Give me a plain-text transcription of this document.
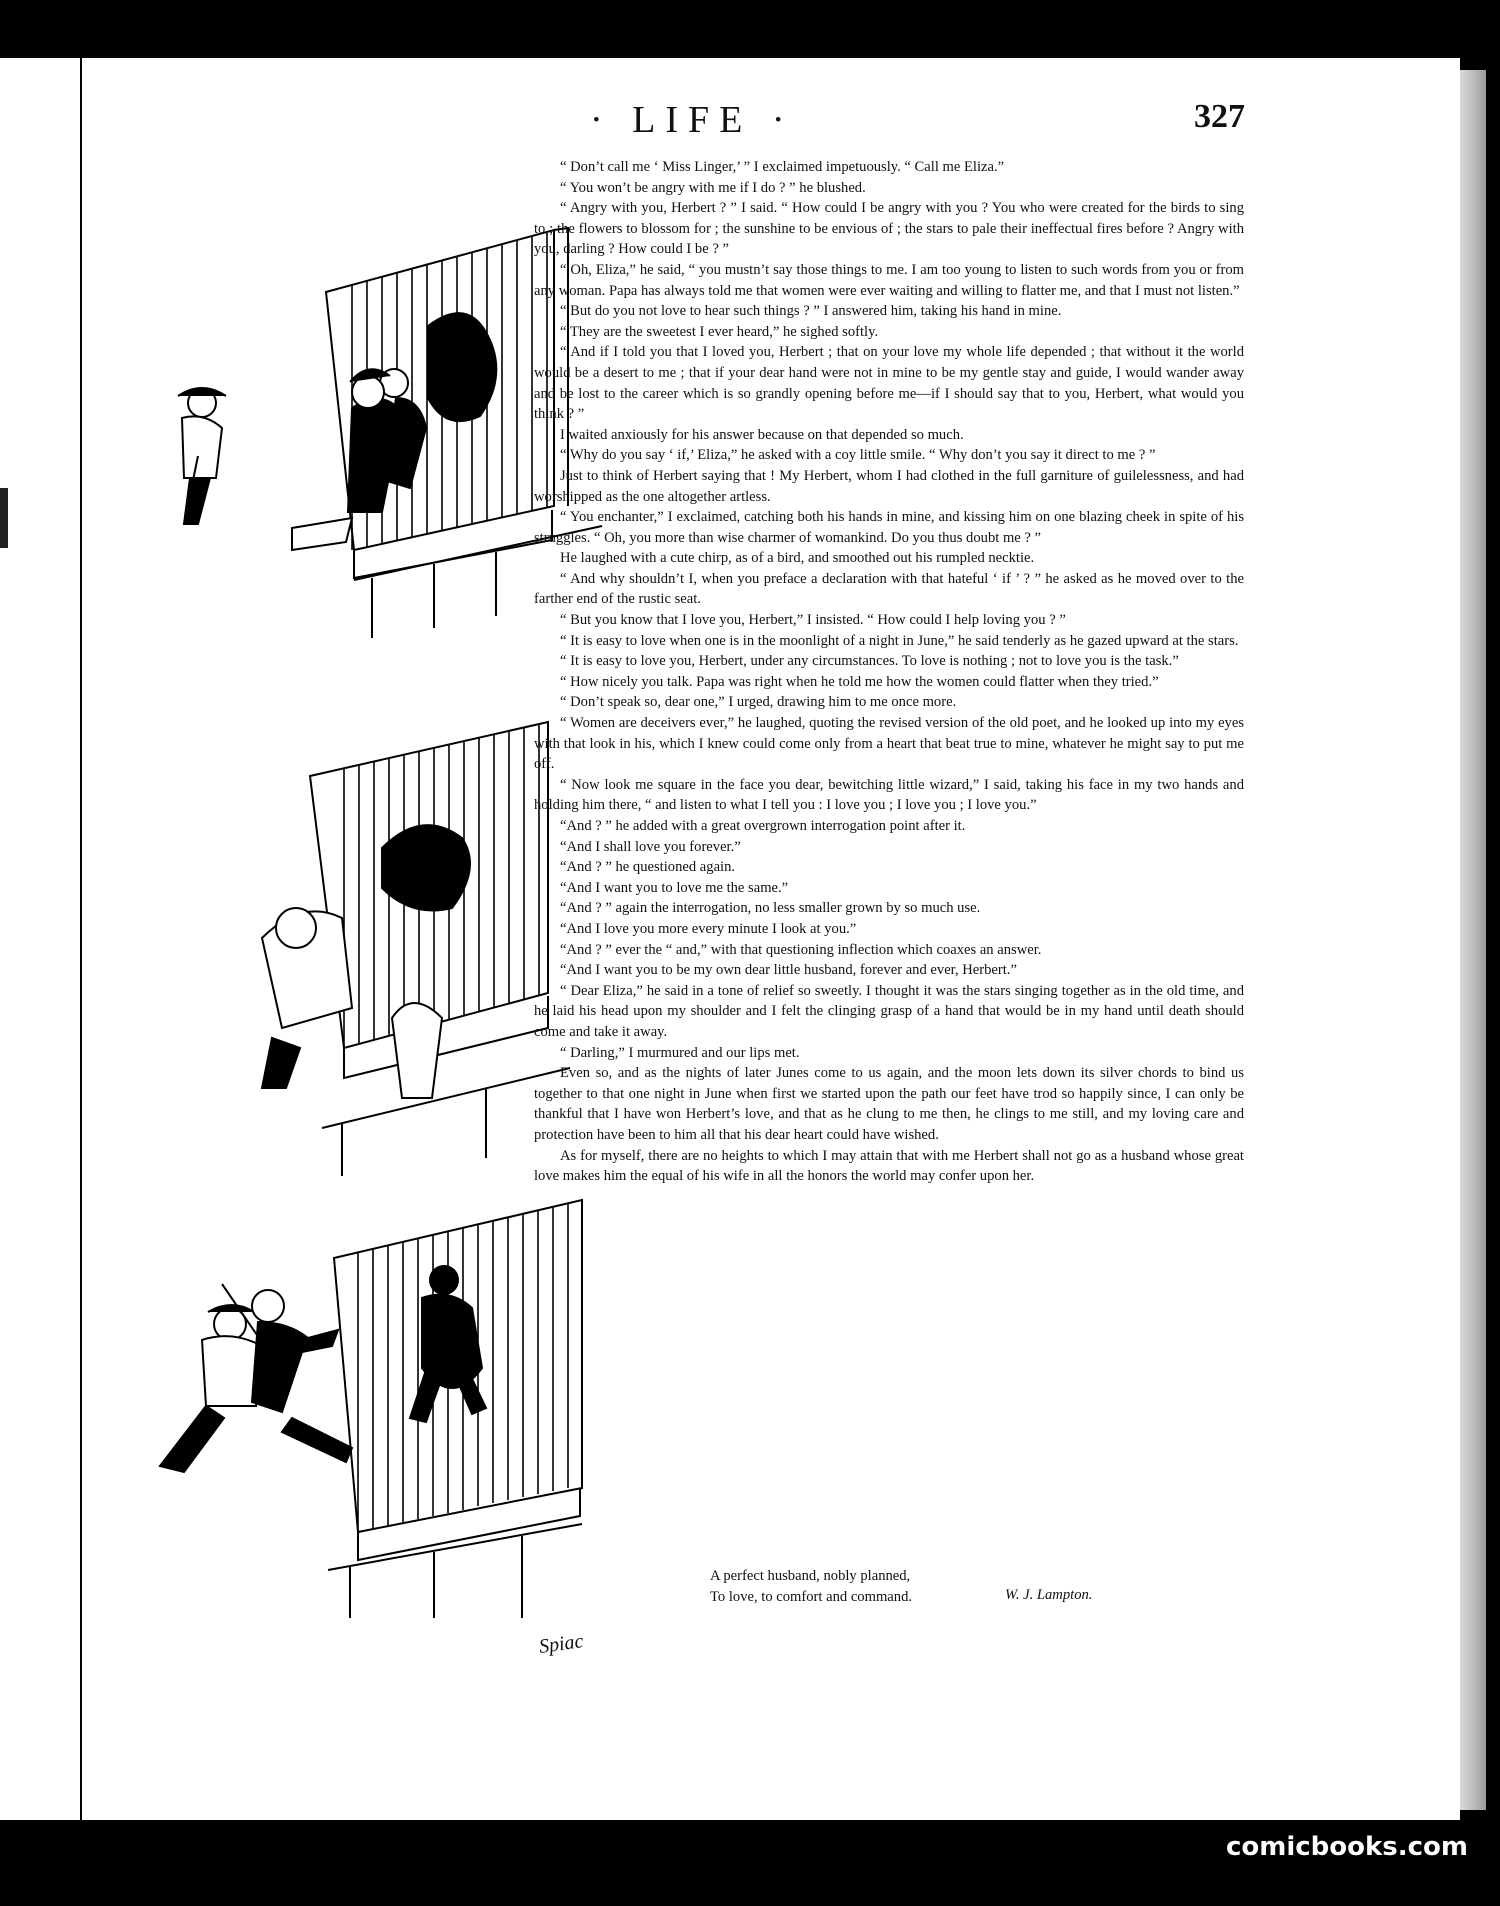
Spiac
· LIFE ·	327

“ Don’t call me ‘ Miss Linger,’ ” I exclaimed impetuously. “ Call me Eliza.”

“ You won’t be angry with me if I do ? ” he blushed.

“ Angry with you, Herbert ? ” I said. “ How could I be angry with you ? You who were created for the birds to sing to ; the flowers to blossom for ; the sunshine to be envious of ; the stars to pale their ineffectual fires before ? Angry with you, darling ? How could I be ? ”

“ Oh, Eliza,” he said, “ you mustn’t say those things to me. I am too young to listen to such words from you or from any woman. Papa has always told me that women were ever waiting and willing to flatter me, and that I must not listen.”

“ But do you not love to hear such things ? ” I answered him, taking his hand in mine.

“ They are the sweetest I ever heard,” he sighed softly.

“ And if I told you that I loved you, Herbert ; that on your love my whole life depended ; that without it the world would be a desert to me ; that if your dear hand were not in mine to be my gentle stay and guide, I would wander away and be lost to the career which is so grandly opening before me—if I should say that to you, Herbert, what would you think ? ”

I waited anxiously for his answer because on that depended so much.

“ Why do you say ‘ if,’ Eliza,” he asked with a coy little smile. “ Why don’t you say it direct to me ? ”

Just to think of Herbert saying that ! My Herbert, whom I had clothed in the full garniture of guilelessness, and had worshipped as the one altogether artless.

“ You enchanter,” I exclaimed, catching both his hands in mine, and kissing him on one blazing cheek in spite of his struggles. “ Oh, you more than wise charmer of womankind. Do you thus doubt me ? ”

He laughed with a cute chirp, as of a bird, and smoothed out his rumpled necktie.

“ And why shouldn’t I, when you preface a declaration with that hateful ‘ if ’ ? ” he asked as he moved over to the farther end of the rustic seat.

“ But you know that I love you, Herbert,” I insisted. “ How could I help loving you ? ”

“ It is easy to love when one is in the moonlight of a night in June,” he said tenderly as he gazed upward at the stars.

“ It is easy to love you, Herbert, under any circumstances. To love is nothing ; not to love you is the task.”

“ How nicely you talk. Papa was right when he told me how the women could flatter when they tried.”

“ Don’t speak so, dear one,” I urged, drawing him to me once more.

“ Women are deceivers ever,” he laughed, quoting the revised version of the old poet, and he looked up into my eyes with that look in his, which I knew could come only from a heart that beat true to mine, whatever he might say to put me off.

“ Now look me square in the face you dear, bewitching little wizard,” I said, taking his face in my two hands and holding him there, “ and listen to what I tell you : I love you ; I love you ; I love you.”

“And ? ” he added with a great overgrown interrogation point after it.

“And I shall love you forever.”

“And ? ” he questioned again.

“And I want you to love me the same.”

“And ? ” again the interrogation, no less smaller grown by so much use.

“And I love you more every minute I look at you.”

“And ? ” ever the “ and,” with that questioning inflection which coaxes an answer.

“And I want you to be my own dear little husband, forever and ever, Herbert.”

“ Dear Eliza,” he said in a tone of relief so sweetly. I thought it was the stars singing together as in the old time, and he laid his head upon my shoulder and I felt the clinging grasp of a hand that would be in my hand until death should come and take it away.

“ Darling,” I murmured and our lips met.

Even so, and as the nights of later Junes come to us again, and the moon lets down its silver chords to bind us together to that one night in June when first we started upon the path our feet have trod so happily since, I can only be thankful that I have won Herbert’s love, and that as he clung to me then, he clings to me still, and my loving care and protection have been to him all that his dear heart could have wished.

As for myself, there are no heights to which I may attain that with me Herbert shall not go as a husband whose great love makes him the equal of his wife in all the honors the world may confer upon her.

A perfect husband, nobly planned,
To love, to comfort and command.	W. J. Lampton.
comicbooks.com
